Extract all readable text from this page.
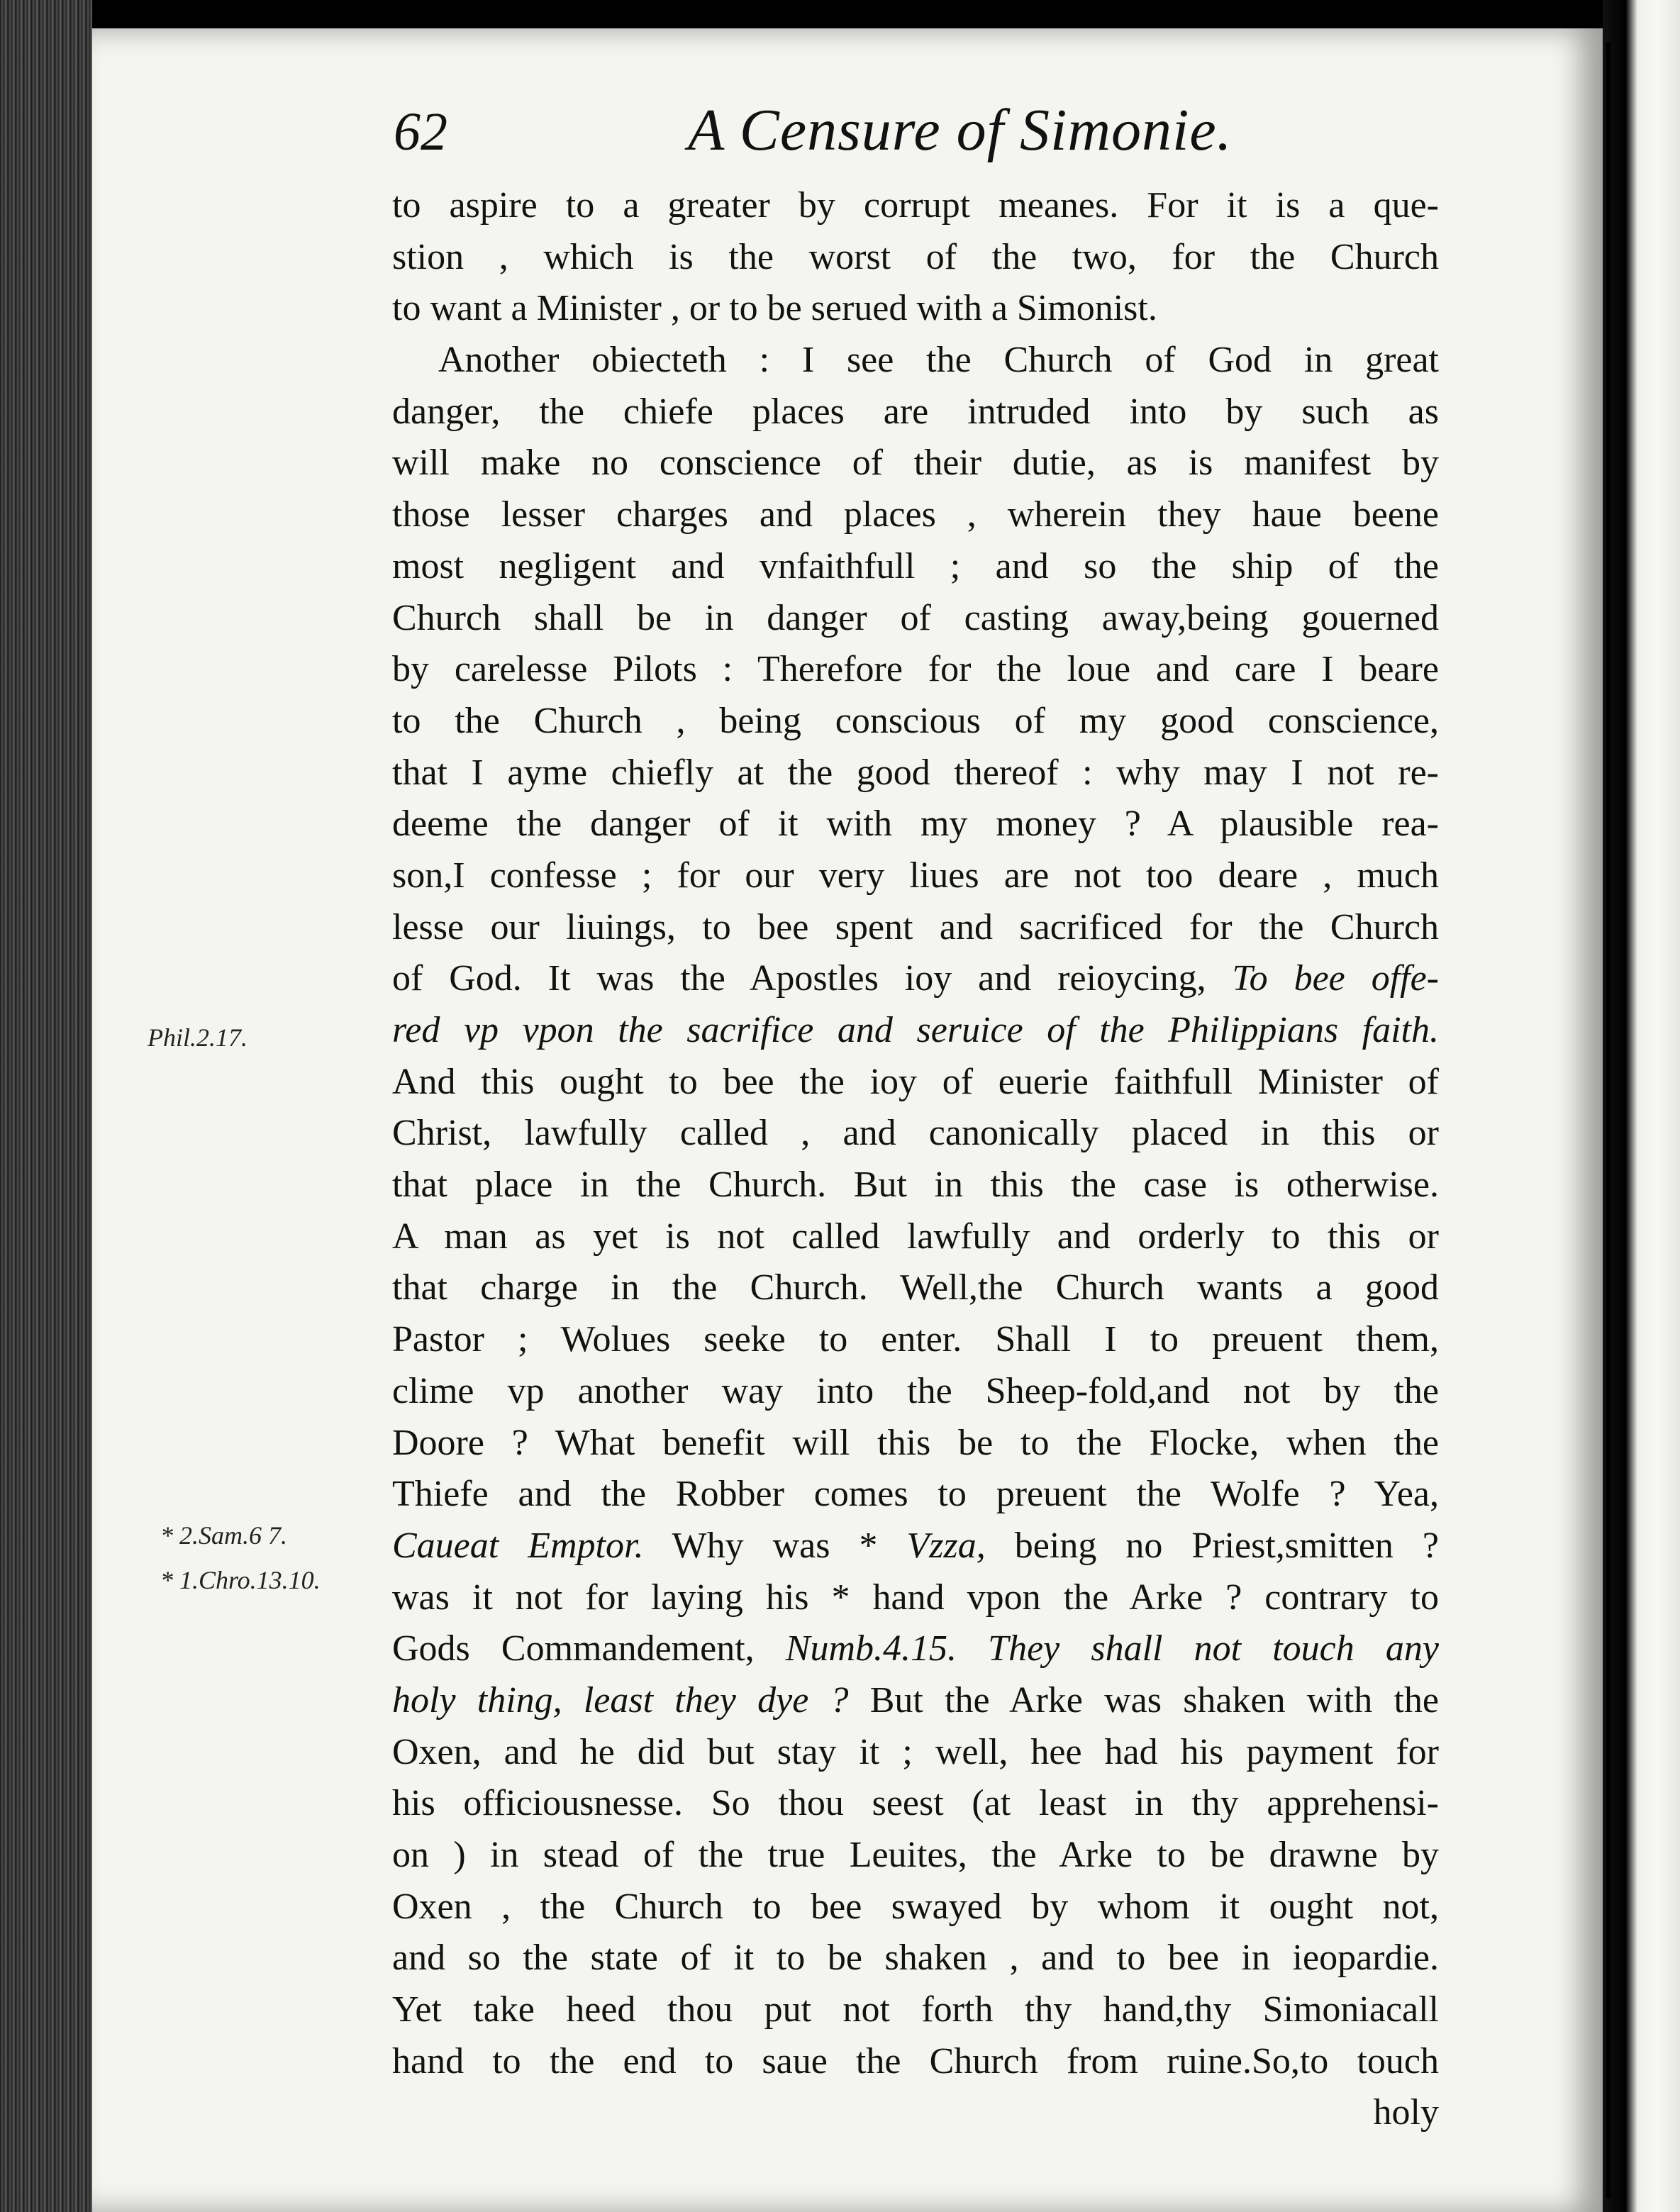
62	A Censure of Simonie.
Phil.2.17.
* 2.Sam.6 7.
* 1.Chro.13.10.
to aspire to a greater by corrupt meanes. For it is a que-
stion , which is the worst of the two, for the Church
to want a Minister , or to be serued with a Simonist.
Another obiecteth : I see the Church of God in great
danger, the chiefe places are intruded into by such as
will make no conscience of their dutie, as is manifest by
those lesser charges and places , wherein they haue beene
most negligent and vnfaithfull ; and so the ship of the
Church shall be in danger of casting away,being gouerned
by carelesse Pilots : Therefore for the loue and care I beare
to the Church , being conscious of my good conscience,
that I ayme chiefly at the good thereof : why may I not re-
deeme the danger of it with my money ? A plausible rea-
son,I confesse ; for our very liues are not too deare , much
lesse our liuings, to bee spent and sacrificed for the Church
of God. It was the Apostles ioy and reioycing, To bee offe-
red vp vpon the sacrifice and seruice of the Philippians faith.
And this ought to bee the ioy of euerie faithfull Minister of
Christ, lawfully called , and canonically placed in this or
that place in the Church. But in this the case is otherwise.
A man as yet is not called lawfully and orderly to this or
that charge in the Church. Well,the Church wants a good
Pastor ; Wolues seeke to enter. Shall I to preuent them,
clime vp another way into the Sheep-fold,and not by the
Doore ? What benefit will this be to the Flocke, when the
Thiefe and the Robber comes to preuent the Wolfe ? Yea,
Caueat Emptor. Why was * Vzza, being no Priest,smitten ?
was it not for laying his * hand vpon the Arke ? contrary to
Gods Commandement, Numb.4.15. They shall not touch any
holy thing, least they dye ? But the Arke was shaken with the
Oxen, and he did but stay it ; well, hee had his payment for
his officiousnesse. So thou seest (at least in thy apprehensi-
on ) in stead of the true Leuites, the Arke to be drawne by
Oxen , the Church to bee swayed by whom it ought not,
and so the state of it to be shaken , and to bee in ieopardie.
Yet take heed thou put not forth thy hand,thy Simoniacall
hand to the end to saue the Church from ruine.So,to touch
holy
